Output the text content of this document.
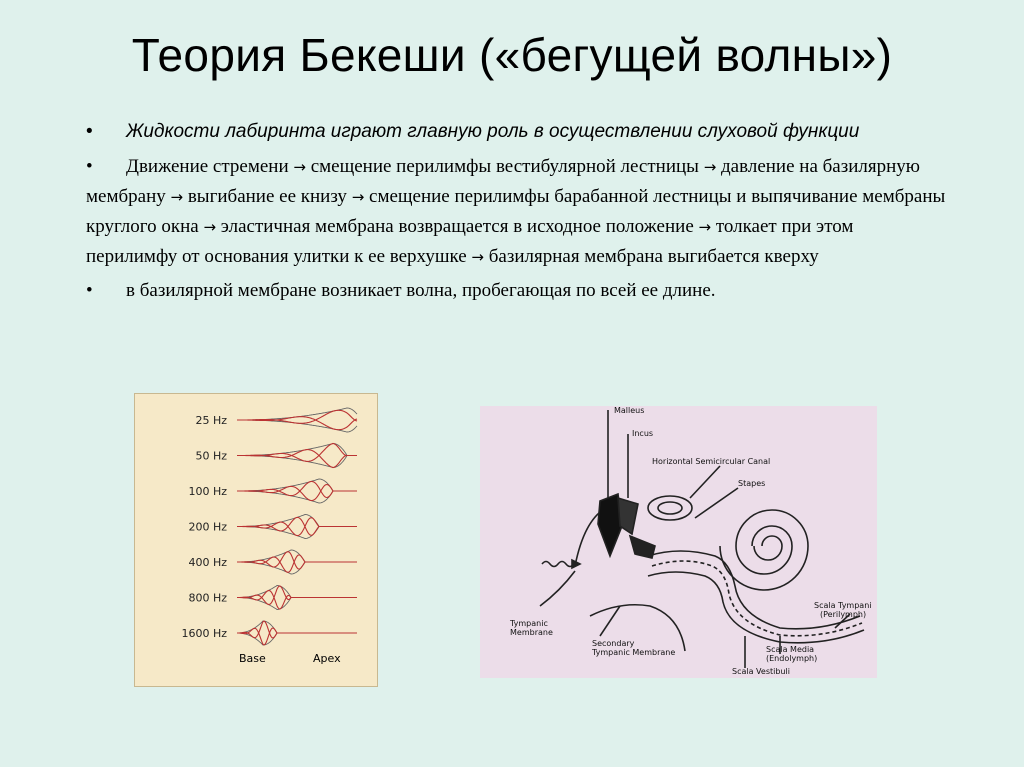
Теория Бекеши («бегущей волны»)

• Жидкости лабиринта играют главную роль в осуществлении слуховой функции

• Движение стремени → смещение перилимфы вестибулярной лестницы → давление на базилярную мембрану → выгибание ее книзу → смещение перилимфы барабанной лестницы и выпячивание мембраны круглого окна → эластичная мембрана возвращается в исходное положение → толкает при этом перилимфу от основания улитки к ее верхушке → базилярная мембрана выгибается кверху

• в базилярной мембране возникает волна, пробегающая по всей ее длине.

25 Hz
50 Hz
100 Hz
200 Hz
400 Hz
800 Hz
1600 Hz
Base	Apex
Malleus
Incus
Horizontal Semicircular Canal
Stapes
Tympanic
Membrane
Secondary
Tympanic Membrane
Scala Vestibuli
Scala Media
(Endolymph)
Scala Tympani
(Perilymph)
